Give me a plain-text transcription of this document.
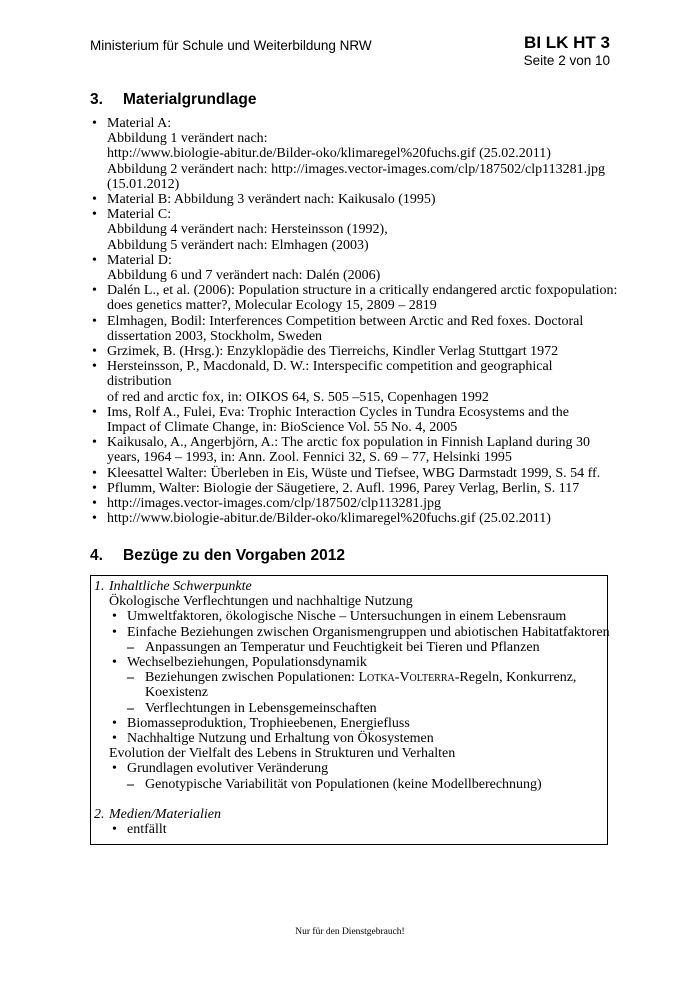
Ministerium für Schule und Weiterbildung NRW	BI LK HT 3
Seite 2 von 10
3. Materialgrundlage
• Material A:
Abbildung 1 verändert nach:
http://www.biologie-abitur.de/Bilder-oko/klimaregel%20fuchs.gif (25.02.2011)
Abbildung 2 verändert nach: http://images.vector-images.com/clp/187502/clp113281.jpg
(15.01.2012)
• Material B: Abbildung 3 verändert nach: Kaikusalo (1995)
• Material C:
Abbildung 4 verändert nach: Hersteinsson (1992),
Abbildung 5 verändert nach: Elmhagen (2003)
• Material D:
Abbildung 6 und 7 verändert nach: Dalén (2006)
• Dalén L., et al. (2006): Population structure in a critically endangered arctic foxpopulation:
does genetics matter?, Molecular Ecology 15, 2809 – 2819
• Elmhagen, Bodil: Interferences Competition between Arctic and Red foxes. Doctoral
dissertation 2003, Stockholm, Sweden
• Grzimek, B. (Hrsg.): Enzyklopädie des Tierreichs, Kindler Verlag Stuttgart 1972
• Hersteinsson, P., Macdonald, D. W.: Interspecific competition and geographical distribution
of red and arctic fox, in: OIKOS 64, S. 505 –515, Copenhagen 1992
• Ims, Rolf A., Fulei, Eva: Trophic Interaction Cycles in Tundra Ecosystems and the
Impact of Climate Change, in: BioScience Vol. 55 No. 4, 2005
• Kaikusalo, A., Angerbjörn, A.: The arctic fox population in Finnish Lapland during 30
years, 1964 – 1993, in: Ann. Zool. Fennici 32, S. 69 – 77, Helsinki 1995
• Kleesattel Walter: Überleben in Eis, Wüste und Tiefsee, WBG Darmstadt 1999, S. 54 ff.
• Pflumm, Walter: Biologie der Säugetiere, 2. Aufl. 1996, Parey Verlag, Berlin, S. 117
• http://images.vector-images.com/clp/187502/clp113281.jpg
• http://www.biologie-abitur.de/Bilder-oko/klimaregel%20fuchs.gif (25.02.2011)
4. Bezüge zu den Vorgaben 2012
1. Inhaltliche Schwerpunkte
Ökologische Verflechtungen und nachhaltige Nutzung
• Umweltfaktoren, ökologische Nische – Untersuchungen in einem Lebensraum
• Einfache Beziehungen zwischen Organismengruppen und abiotischen Habitatfaktoren
– Anpassungen an Temperatur und Feuchtigkeit bei Tieren und Pflanzen
• Wechselbeziehungen, Populationsdynamik
– Beziehungen zwischen Populationen: Lotka-Volterra-Regeln, Konkurrenz,
Koexistenz
– Verflechtungen in Lebensgemeinschaften
• Biomasseproduktion, Trophieebenen, Energiefluss
• Nachhaltige Nutzung und Erhaltung von Ökosystemen
Evolution der Vielfalt des Lebens in Strukturen und Verhalten
• Grundlagen evolutiver Veränderung
– Genotypische Variabilität von Populationen (keine Modellberechnung)
2. Medien/Materialien
• entfällt
Nur für den Dienstgebrauch!
